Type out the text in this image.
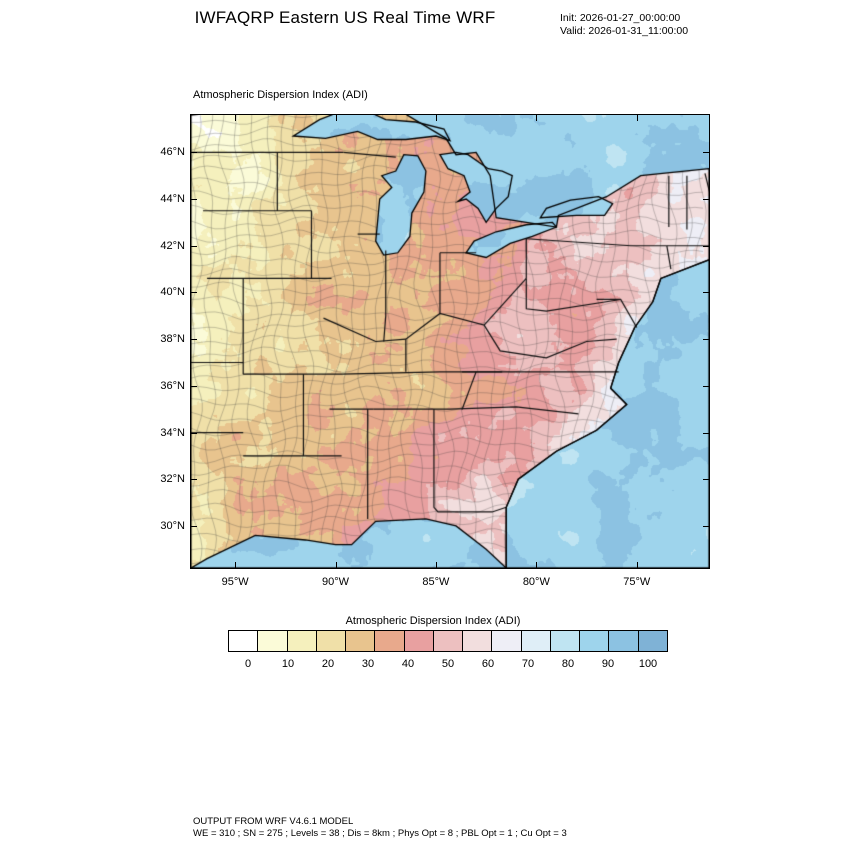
IWFAQRP Eastern US Real Time WRF	Init: 2026-01-27_00:00:00
Valid: 2026-01-31_11:00:00
Atmospheric Dispersion Index (ADI)
46°N
44°N
42°N
40°N
38°N
36°N
34°N
32°N
30°N
95°W	90°W	85°W	80°W	75°W
Atmospheric Dispersion Index (ADI)
0	10	20	30	40	50	60	70	80	90 100
OUTPUT FROM WRF V4.6.1 MODEL
WE = 310 ; SN = 275 ; Levels = 38 ; Dis = 8km ; Phys Opt = 8 ; PBL Opt = 1 ; Cu Opt = 3
